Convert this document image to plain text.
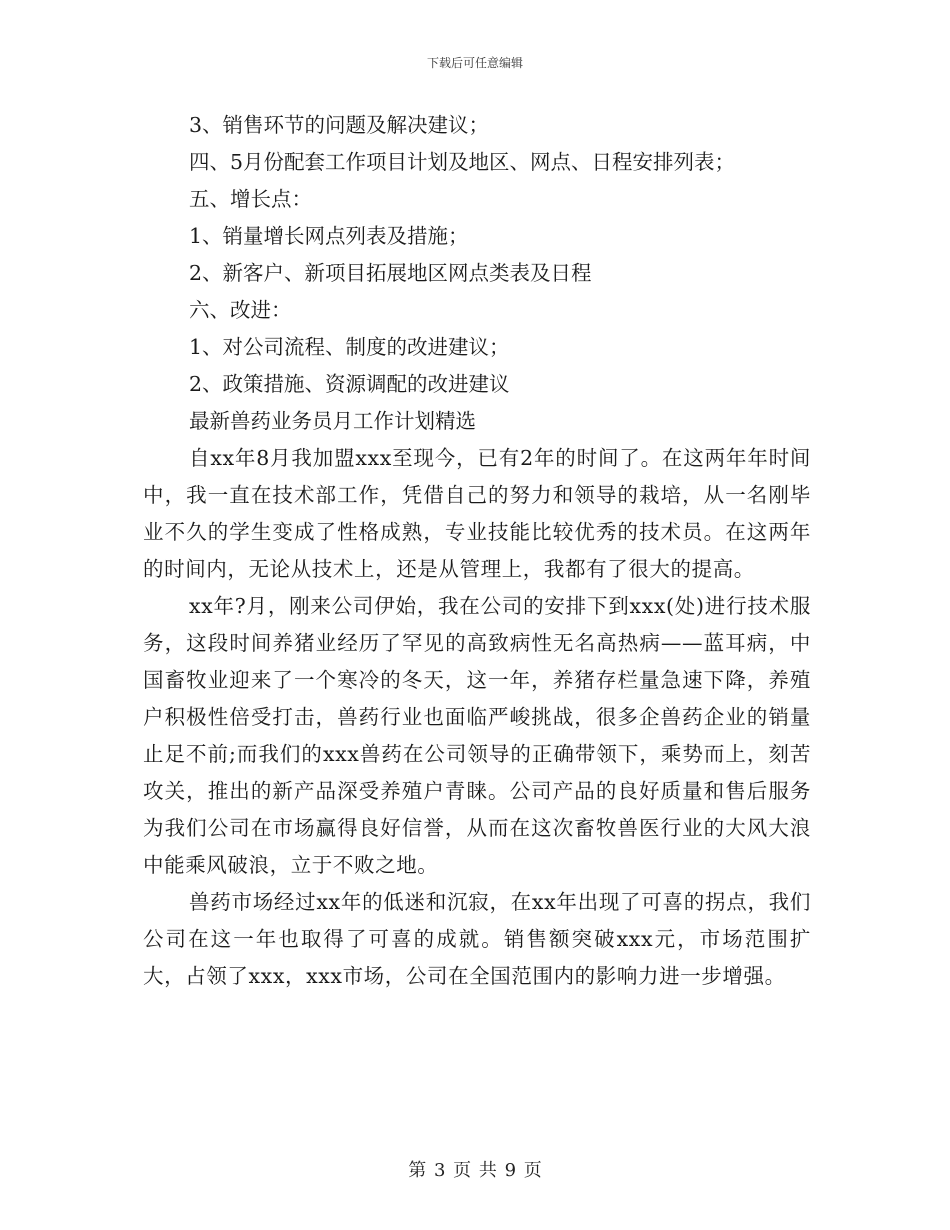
下载后可任意编辑
3、销售环节的问题及解决建议；
四、5月份配套工作项目计划及地区、网点、日程安排列表；
五、增长点：
1、销量增长网点列表及措施；
2、新客户、新项目拓展地区网点类表及日程
六、改进：
1、对公司流程、制度的改进建议；
2、政策措施、资源调配的改进建议
最新兽药业务员月工作计划精选

自xx年8月我加盟xxx至现今，已有2年的时间了。在这两年年时间中，我一直在技术部工作，凭借自己的努力和领导的栽培，从一名刚毕业不久的学生变成了性格成熟，专业技能比较优秀的技术员。在这两年的时间内，无论从技术上，还是从管理上，我都有了很大的提高。

xx年?月，刚来公司伊始，我在公司的安排下到xxx(处)进行技术服务，这段时间养猪业经历了罕见的高致病性无名高热病——蓝耳病，中国畜牧业迎来了一个寒冷的冬天，这一年，养猪存栏量急速下降，养殖户积极性倍受打击，兽药行业也面临严峻挑战，很多企兽药企业的销量止足不前;而我们的xxx兽药在公司领导的正确带领下，乘势而上，刻苦攻关，推出的新产品深受养殖户青睐。公司产品的良好质量和售后服务为我们公司在市场赢得良好信誉，从而在这次畜牧兽医行业的大风大浪中能乘风破浪，立于不败之地。

兽药市场经过xx年的低迷和沉寂，在xx年出现了可喜的拐点，我们公司在这一年也取得了可喜的成就。销售额突破xxx元，市场范围扩大，占领了xxx，xxx市场，公司在全国范围内的影响力进一步增强。

第 3 页 共 9 页
